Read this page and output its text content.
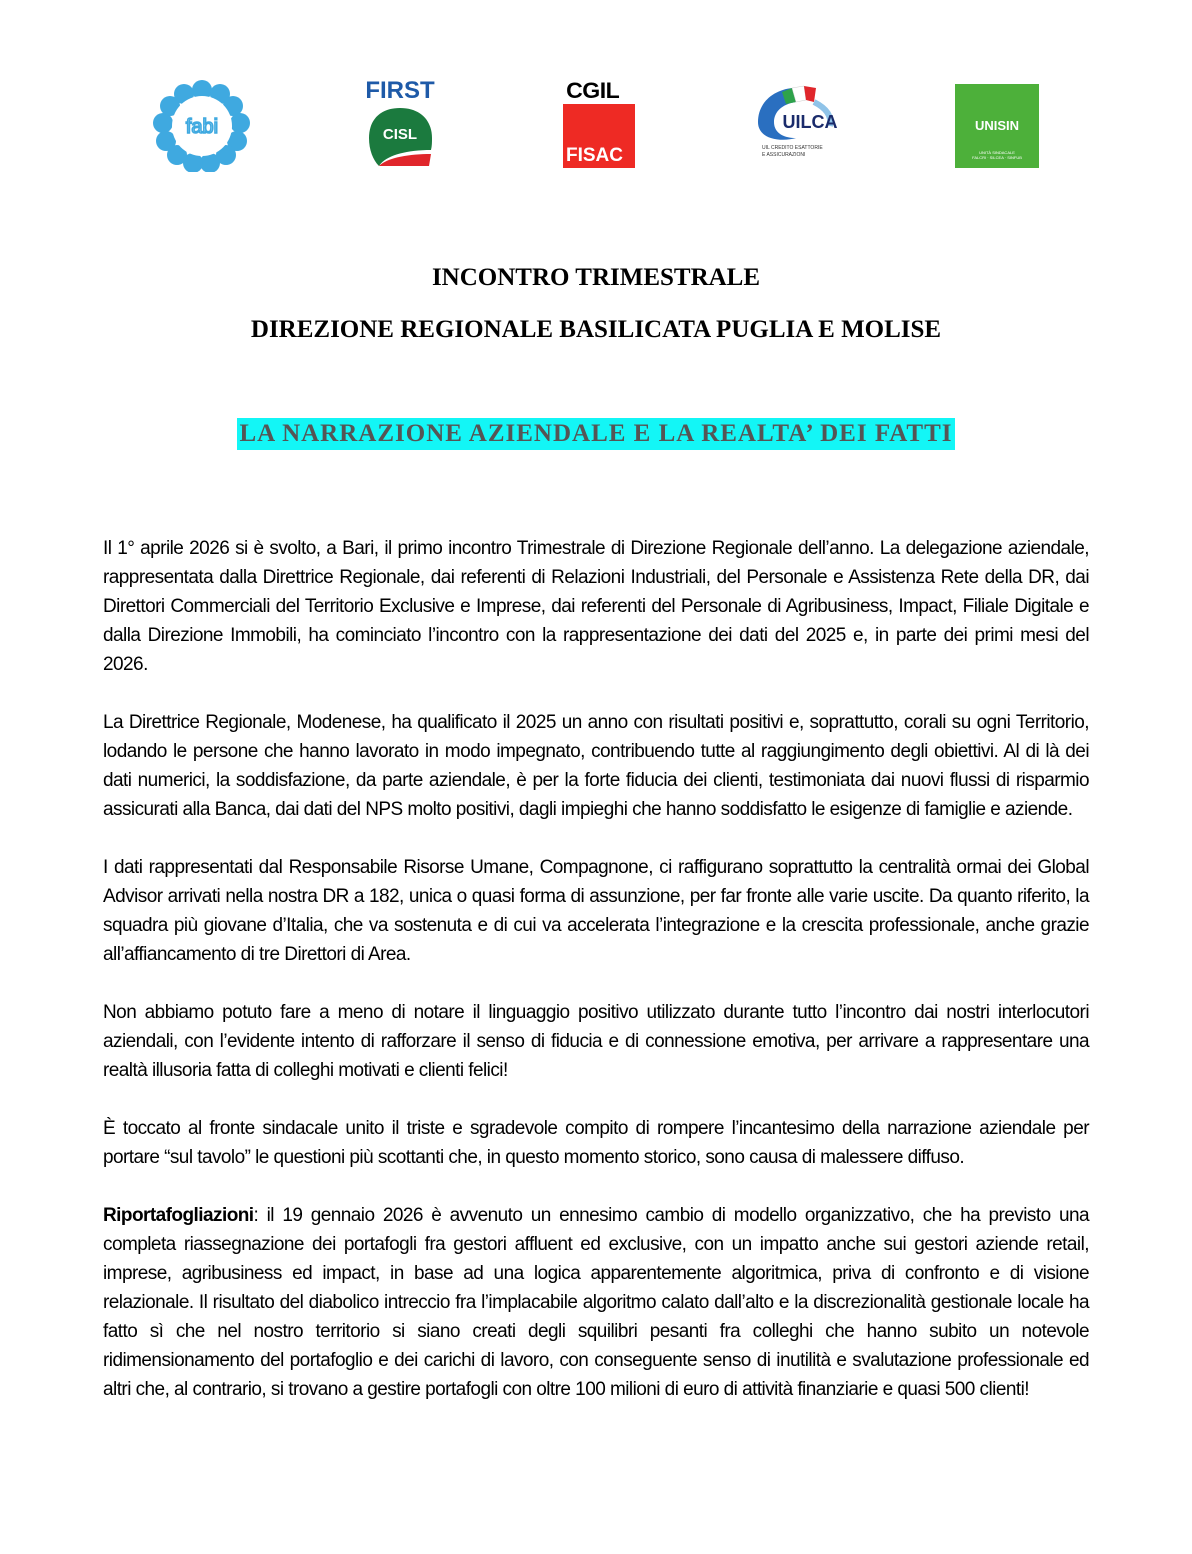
fabi
FIRST
CISL
CGIL
FISAC
UILCA
UIL CREDITO ESATTORIE
E ASSICURAZIONI
UNISIN
UNITÀ SINDACALE
FALCRI · SILCEA · SINFUB
INCONTRO TRIMESTRALE
DIREZIONE REGIONALE BASILICATA PUGLIA E MOLISE
LA NARRAZIONE AZIENDALE E LA REALTA’ DEI FATTI

Il 1° aprile 2026 si è svolto, a Bari, il primo incontro Trimestrale di Direzione Regionale dell’anno. La delegazione aziendale, rappresentata dalla Direttrice Regionale, dai referenti di Relazioni Industriali, del Personale e Assistenza Rete della DR, dai Direttori Commerciali del Territorio Exclusive e Imprese, dai referenti del Personale di Agribusiness, Impact, Filiale Digitale e dalla Direzione Immobili, ha cominciato l’incontro con la rappresentazione dei dati del 2025 e, in parte dei primi mesi del 2026.

La Direttrice Regionale, Modenese, ha qualificato il 2025 un anno con risultati positivi e, soprattutto, corali su ogni Territorio, lodando le persone che hanno lavorato in modo impegnato, contribuendo tutte al raggiungimento degli obiettivi. Al di là dei dati numerici, la soddisfazione, da parte aziendale, è per la forte fiducia dei clienti, testimoniata dai nuovi flussi di risparmio assicurati alla Banca, dai dati del NPS molto positivi, dagli impieghi che hanno soddisfatto le esigenze di famiglie e aziende.

I dati rappresentati dal Responsabile Risorse Umane, Compagnone, ci raffigurano soprattutto la centralità ormai dei Global Advisor arrivati nella nostra DR a 182, unica o quasi forma di assunzione, per far fronte alle varie uscite. Da quanto riferito, la squadra più giovane d’Italia, che va sostenuta e di cui va accelerata l’integrazione e la crescita professionale, anche grazie all’affiancamento di tre Direttori di Area.

Non abbiamo potuto fare a meno di notare il linguaggio positivo utilizzato durante tutto l’incontro dai nostri interlocutori aziendali, con l’evidente intento di rafforzare il senso di fiducia e di connessione emotiva, per arrivare a rappresentare una realtà illusoria fatta di colleghi motivati e clienti felici!

È toccato al fronte sindacale unito il triste e sgradevole compito di rompere l’incantesimo della narrazione aziendale per portare “sul tavolo” le questioni più scottanti che, in questo momento storico, sono causa di malessere diffuso.

Riportafogliazioni: il 19 gennaio 2026 è avvenuto un ennesimo cambio di modello organizzativo, che ha previsto una completa riassegnazione dei portafogli fra gestori affluent ed exclusive, con un impatto anche sui gestori aziende retail, imprese, agribusiness ed impact, in base ad una logica apparentemente algoritmica, priva di confronto e di visione relazionale. Il risultato del diabolico intreccio fra l’implacabile algoritmo calato dall’alto e la discrezionalità gestionale locale ha fatto sì che nel nostro territorio si siano creati degli squilibri pesanti fra colleghi che hanno subito un notevole ridimensionamento del portafoglio e dei carichi di lavoro, con conseguente senso di inutilità e svalutazione professionale ed altri che, al contrario, si trovano a gestire portafogli con oltre 100 milioni di euro di attività finanziarie e quasi 500 clienti!
